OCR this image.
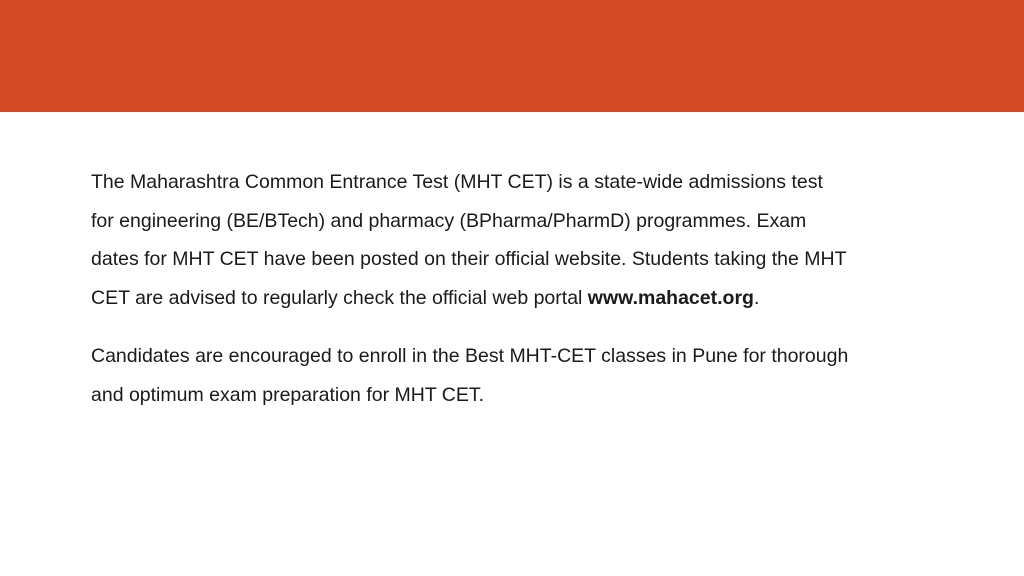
The Maharashtra Common Entrance Test (MHT CET) is a state-wide admissions test for engineering (BE/BTech) and pharmacy (BPharma/PharmD) programmes. Exam dates for MHT CET have been posted on their official website. Students taking the MHT CET are advised to regularly check the official web portal www.mahacet.org.

Candidates are encouraged to enroll in the Best MHT-CET classes in Pune for thorough and optimum exam preparation for MHT CET.
